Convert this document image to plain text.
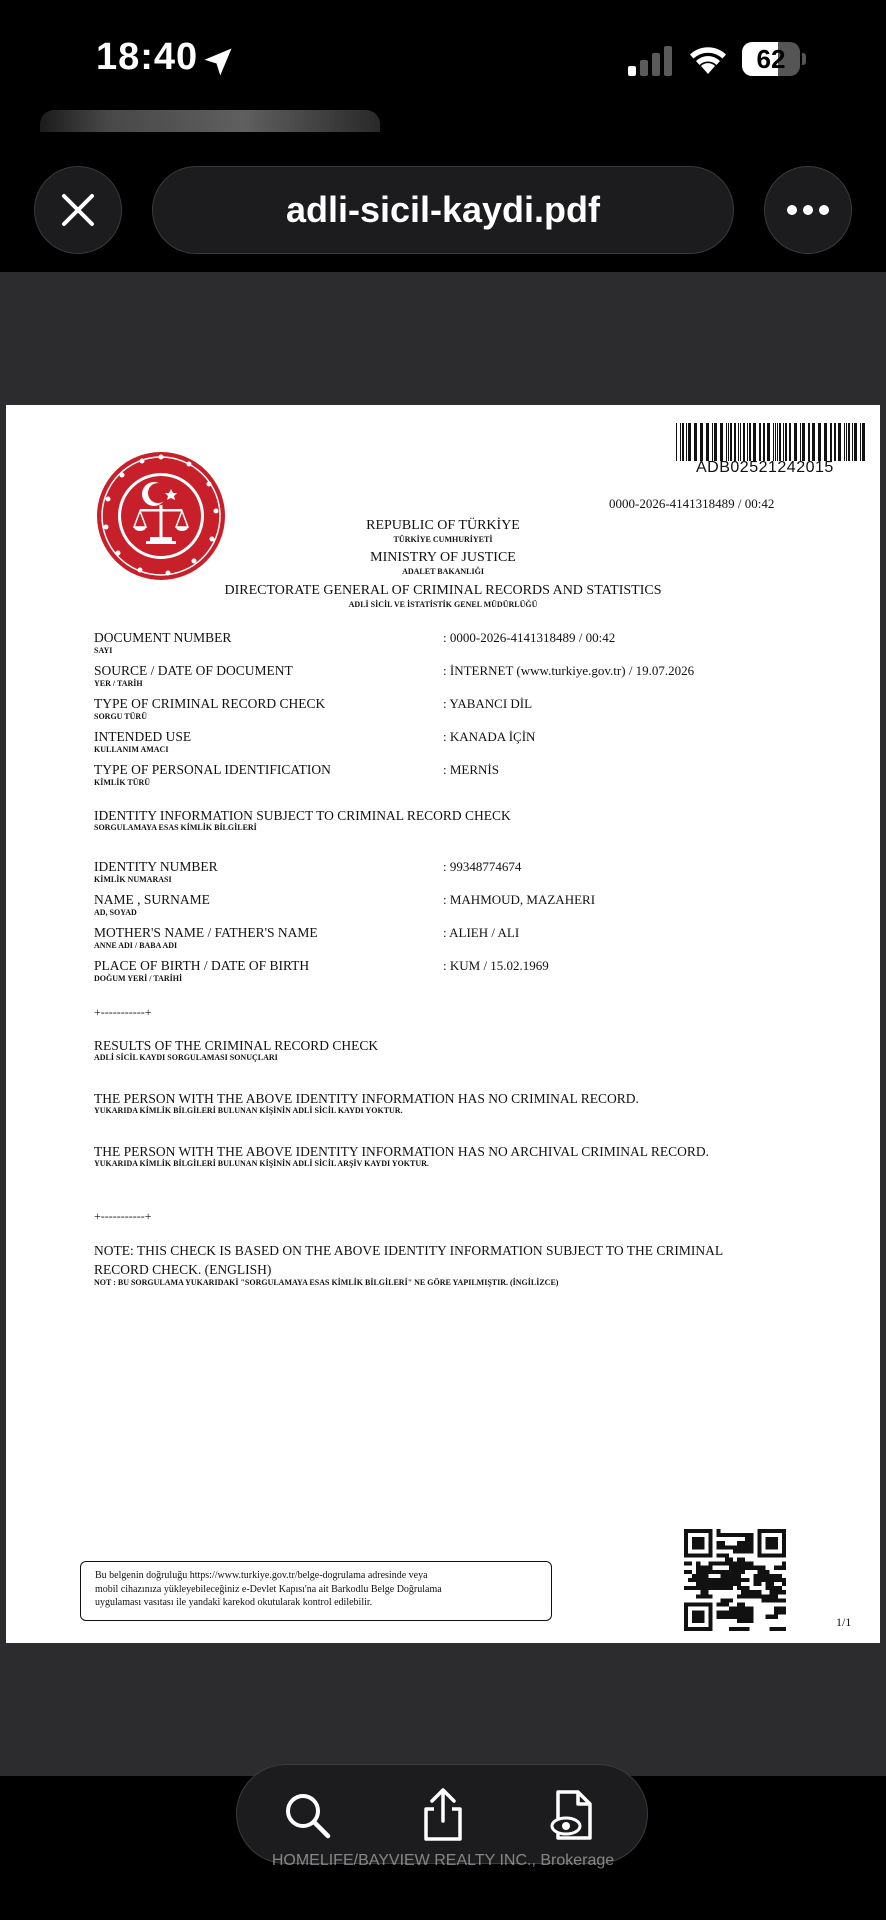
18:40	62
adli-sicil-kaydi.pdf
ADB02521242015
0000-2026-4141318489 / 00:42
REPUBLIC OF TÜRKİYE
TÜRKİYE CUMHURİYETİ
MINISTRY OF JUSTICE
ADALET BAKANLIĞI
DIRECTORATE GENERAL OF CRIMINAL RECORDS AND STATISTICS
ADLİ SİCİL VE İSTATİSTİK GENEL MÜDÜRLÜĞÜ
DOCUMENT NUMBER
SAYI
: 0000-2026-4141318489 / 00:42
SOURCE / DATE OF DOCUMENT
YER / TARİH
: İNTERNET (www.turkiye.gov.tr) / 19.07.2026
TYPE OF CRIMINAL RECORD CHECK
SORGU TÜRÜ
: YABANCI DİL
INTENDED USE
KULLANIM AMACI
: KANADA İÇİN
TYPE OF PERSONAL IDENTIFICATION
KİMLİK TÜRÜ
: MERNİS
IDENTITY INFORMATION SUBJECT TO CRIMINAL RECORD CHECK
SORGULAMAYA ESAS KİMLİK BİLGİLERİ
IDENTITY NUMBER
KİMLİK NUMARASI
: 99348774674
NAME , SURNAME
AD, SOYAD
: MAHMOUD, MAZAHERI
MOTHER'S NAME / FATHER'S NAME
ANNE ADI / BABA ADI
: ALIEH / ALI
PLACE OF BIRTH / DATE OF BIRTH
DOĞUM YERİ / TARİHİ
: KUM / 15.02.1969
+-----------+
RESULTS OF THE CRIMINAL RECORD CHECK
ADLİ SİCİL KAYDI SORGULAMASI SONUÇLARI
THE PERSON WITH THE ABOVE IDENTITY INFORMATION HAS NO CRIMINAL RECORD.
YUKARIDA KİMLİK BİLGİLERİ BULUNAN KİŞİNİN ADLİ SİCİL KAYDI YOKTUR.
THE PERSON WITH THE ABOVE IDENTITY INFORMATION HAS NO ARCHIVAL CRIMINAL RECORD.
YUKARIDA KİMLİK BİLGİLERİ BULUNAN KİŞİNİN ADLİ SİCİL ARŞİV KAYDI YOKTUR.
+-----------+
NOTE: THIS CHECK IS BASED ON THE ABOVE IDENTITY INFORMATION SUBJECT TO THE CRIMINAL
RECORD CHECK. (ENGLISH)
NOT : BU SORGULAMA YUKARIDAKİ "SORGULAMAYA ESAS KİMLİK BİLGİLERİ" NE GÖRE YAPILMIŞTIR. (İNGİLİZCE)
Bu belgenin doğruluğu https://www.turkiye.gov.tr/belge-dogrulama adresinde veya
mobil cihazınıza yükleyebileceğiniz e-Devlet Kapısı'na ait Barkodlu Belge Doğrulama
uygulaması vasıtası ile yandaki karekod okutularak kontrol edilebilir.
1/1
HOMELIFE/BAYVIEW REALTY INC., Brokerage
